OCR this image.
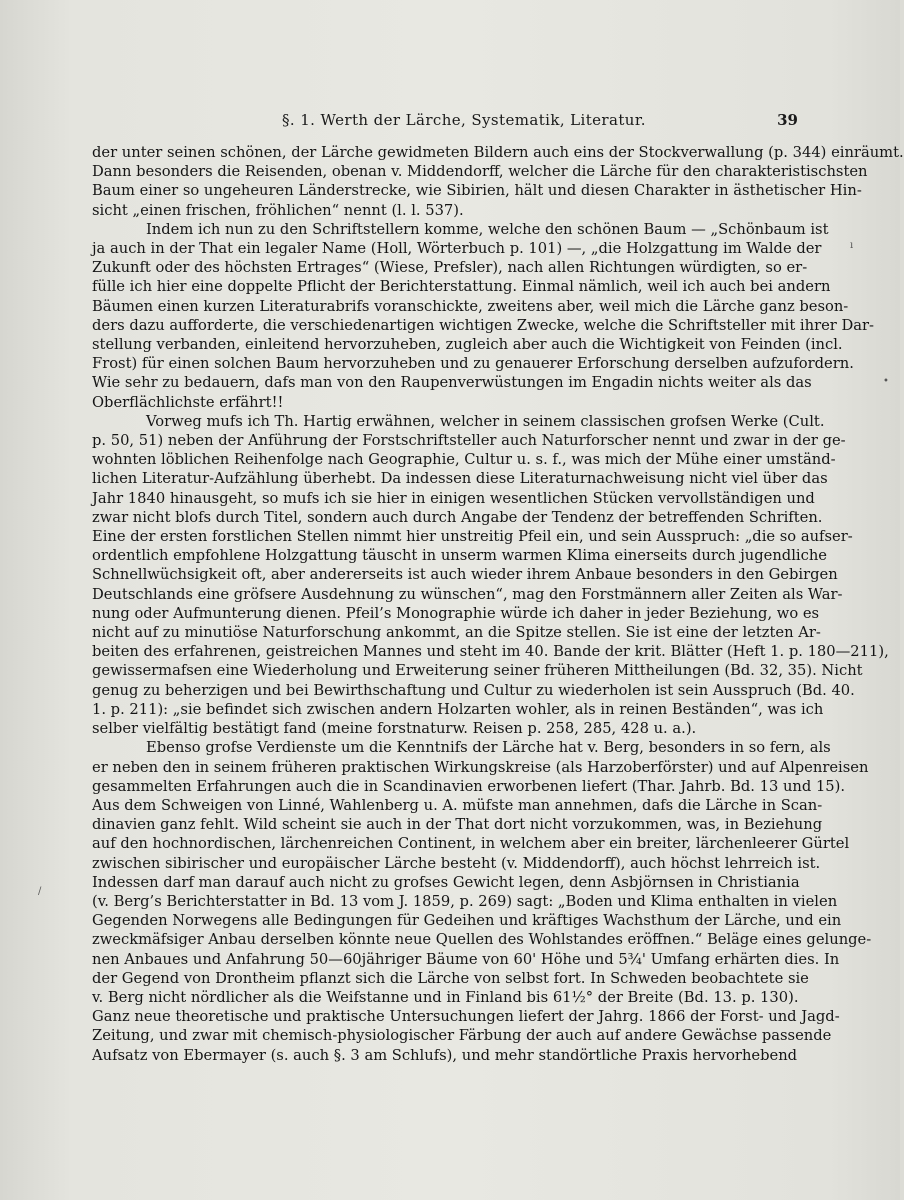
§. 1. Werth der Lärche, Systematik, Literatur.	39
der unter seinen schönen, der Lärche gewidmeten Bildern auch eins der Stockverwallung (p. 344) einräumt.
Dann besonders die Reisenden, obenan v. Middendorff, welcher die Lärche für den charakteristischsten
Baum einer so ungeheuren Länderstrecke, wie Sibirien, hält und diesen Charakter in ästhetischer Hin-
sicht „einen frischen, fröhlichen“ nennt (l. l. 537).
Indem ich nun zu den Schriftstellern komme, welche den schönen Baum — „Schönbaum ist
ja auch in der That ein legaler Name (Holl, Wörterbuch p. 101) —, „die Holzgattung im Walde der
Zukunft oder des höchsten Ertrages“ (Wiese, Prefsler), nach allen Richtungen würdigten, so er-
fülle ich hier eine doppelte Pflicht der Berichterstattung. Einmal nämlich, weil ich auch bei andern
Bäumen einen kurzen Literaturabrifs voranschickte, zweitens aber, weil mich die Lärche ganz beson-
ders dazu aufforderte, die verschiedenartigen wichtigen Zwecke, welche die Schriftsteller mit ihrer Dar-
stellung verbanden, einleitend hervorzuheben, zugleich aber auch die Wichtigkeit von Feinden (incl.
Frost) für einen solchen Baum hervorzuheben und zu genauerer Erforschung derselben aufzufordern.
Wie sehr zu bedauern, dafs man von den Raupenverwüstungen im Engadin nichts weiter als das
Oberflächlichste erfährt!!
Vorweg mufs ich Th. Hartig erwähnen, welcher in seinem classischen grofsen Werke (Cult.
p. 50, 51) neben der Anführung der Forstschriftsteller auch Naturforscher nennt und zwar in der ge-
wohnten löblichen Reihenfolge nach Geographie, Cultur u. s. f., was mich der Mühe einer umständ-
lichen Literatur-Aufzählung überhebt. Da indessen diese Literaturnachweisung nicht viel über das
Jahr 1840 hinausgeht, so mufs ich sie hier in einigen wesentlichen Stücken vervollständigen und
zwar nicht blofs durch Titel, sondern auch durch Angabe der Tendenz der betreffenden Schriften.
Eine der ersten forstlichen Stellen nimmt hier unstreitig Pfeil ein, und sein Ausspruch: „die so aufser-
ordentlich empfohlene Holzgattung täuscht in unserm warmen Klima einerseits durch jugendliche
Schnellwüchsigkeit oft, aber andererseits ist auch wieder ihrem Anbaue besonders in den Gebirgen
Deutschlands eine gröfsere Ausdehnung zu wünschen“, mag den Forstmännern aller Zeiten als War-
nung oder Aufmunterung dienen. Pfeil’s Monographie würde ich daher in jeder Beziehung, wo es
nicht auf zu minutiöse Naturforschung ankommt, an die Spitze stellen. Sie ist eine der letzten Ar-
beiten des erfahrenen, geistreichen Mannes und steht im 40. Bande der krit. Blätter (Heft 1. p. 180—211),
gewissermafsen eine Wiederholung und Erweiterung seiner früheren Mittheilungen (Bd. 32, 35). Nicht
genug zu beherzigen und bei Bewirthschaftung und Cultur zu wiederholen ist sein Ausspruch (Bd. 40.
1. p. 211): „sie befindet sich zwischen andern Holzarten wohler, als in reinen Beständen“, was ich
selber vielfältig bestätigt fand (meine forstnaturw. Reisen p. 258, 285, 428 u. a.).
Ebenso grofse Verdienste um die Kenntnifs der Lärche hat v. Berg, besonders in so fern, als
er neben den in seinem früheren praktischen Wirkungskreise (als Harzoberförster) und auf Alpenreisen
gesammelten Erfahrungen auch die in Scandinavien erworbenen liefert (Thar. Jahrb. Bd. 13 und 15).
Aus dem Schweigen von Linné, Wahlenberg u. A. müfste man annehmen, dafs die Lärche in Scan-
dinavien ganz fehlt. Wild scheint sie auch in der That dort nicht vorzukommen, was, in Beziehung
auf den hochnordischen, lärchenreichen Continent, in welchem aber ein breiter, lärchenleerer Gürtel
zwischen sibirischer und europäischer Lärche besteht (v. Middendorff), auch höchst lehrreich ist.
Indessen darf man darauf auch nicht zu grofses Gewicht legen, denn Asbjörnsen in Christiania
(v. Berg’s Berichterstatter in Bd. 13 vom J. 1859, p. 269) sagt: „Boden und Klima enthalten in vielen
Gegenden Norwegens alle Bedingungen für Gedeihen und kräftiges Wachsthum der Lärche, und ein
zweckmäfsiger Anbau derselben könnte neue Quellen des Wohlstandes eröffnen.“ Beläge eines gelunge-
nen Anbaues und Anfahrung 50—60jähriger Bäume von 60' Höhe und 5¾' Umfang erhärten dies. In
der Gegend von Drontheim pflanzt sich die Lärche von selbst fort. In Schweden beobachtete sie
v. Berg nicht nördlicher als die Weifstanne und in Finland bis 61½° der Breite (Bd. 13. p. 130).
Ganz neue theoretische und praktische Untersuchungen liefert der Jahrg. 1866 der Forst- und Jagd-
Zeitung, und zwar mit chemisch-physiologischer Färbung der auch auf andere Gewächse passende
Aufsatz von Ebermayer (s. auch §. 3 am Schlufs), und mehr standörtliche Praxis hervorhebend
ı
•
/
